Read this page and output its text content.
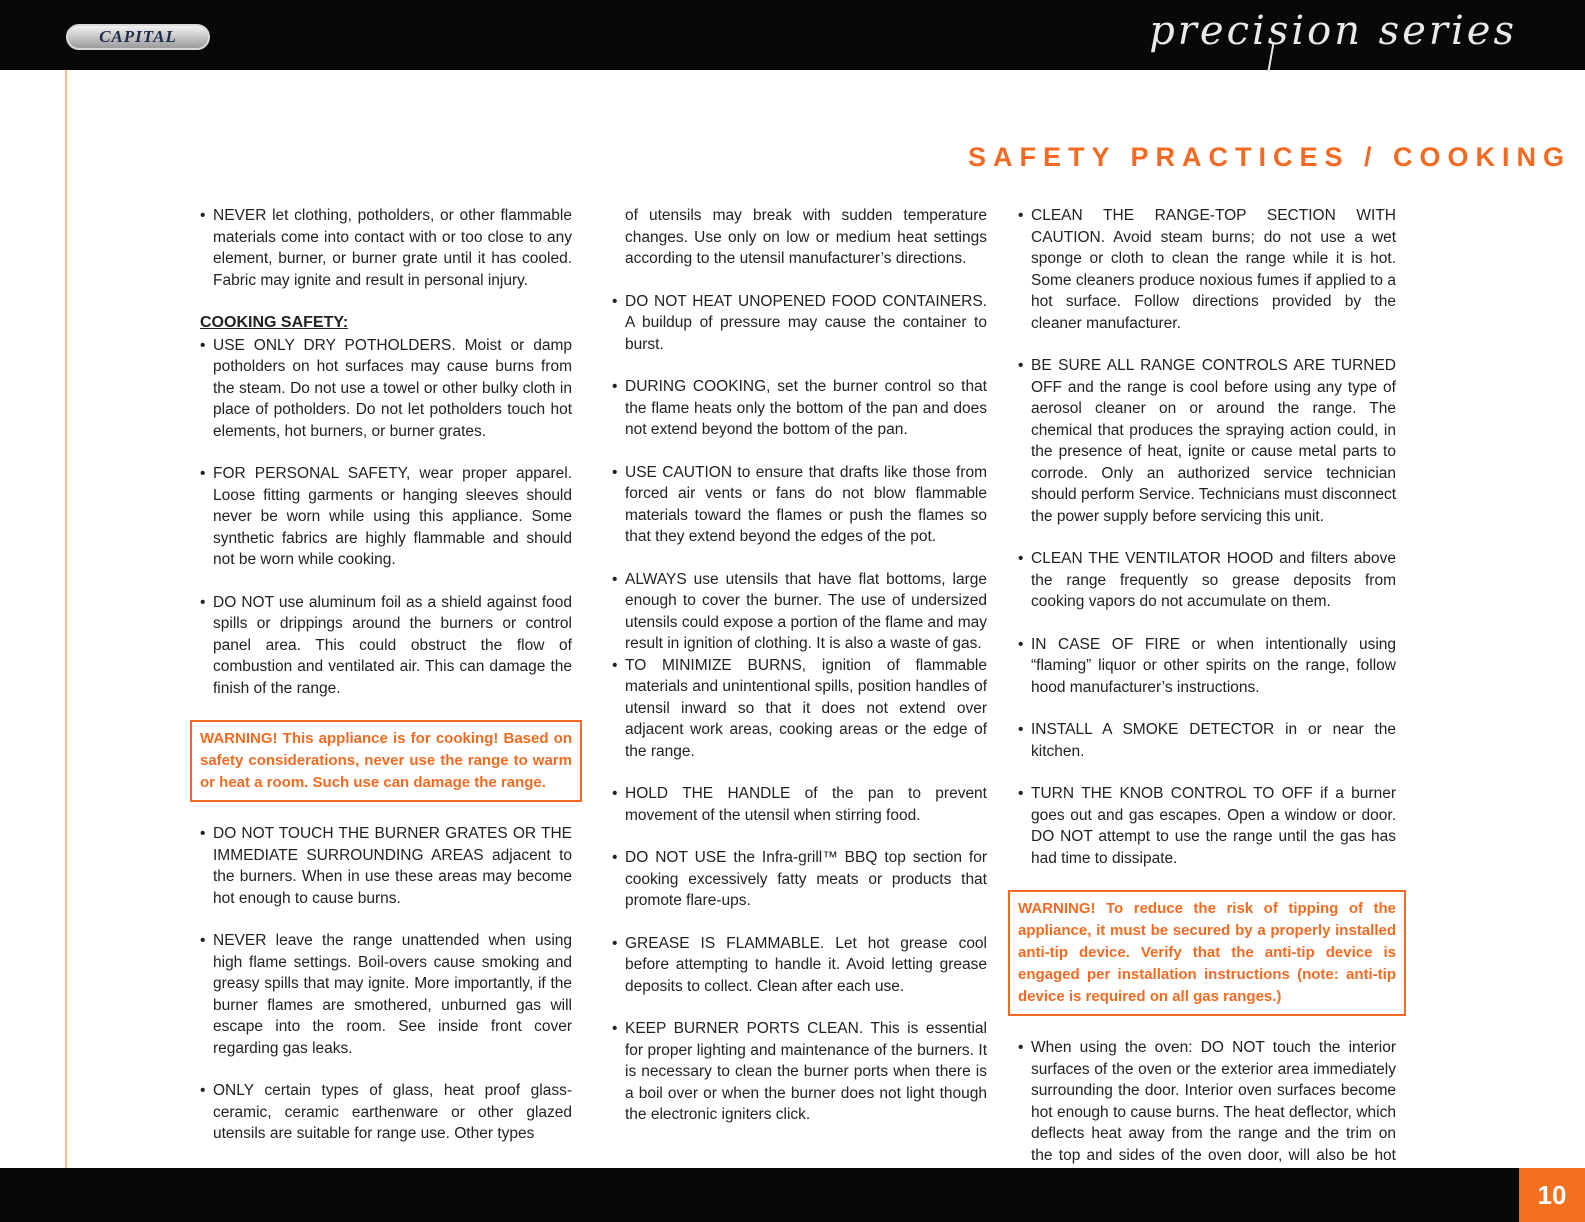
CAPITAL	precision series
SAFETY PRACTICES / COOKING

• NEVER let clothing, potholders, or other flammable materials come into contact with or too close to any element, burner, or burner grate until it has cooled. Fabric may ignite and result in personal injury.

COOKING SAFETY:

• USE ONLY DRY POTHOLDERS. Moist or damp potholders on hot surfaces may cause burns from the steam. Do not use a towel or other bulky cloth in place of potholders. Do not let potholders touch hot elements, hot burners, or burner grates.

• FOR PERSONAL SAFETY, wear proper apparel. Loose fitting garments or hanging sleeves should never be worn while using this appliance. Some synthetic fabrics are highly flammable and should not be worn while cooking.

• DO NOT use aluminum foil as a shield against food spills or drippings around the burners or control panel area. This could obstruct the flow of combustion and ventilated air. This can damage the finish of the range.

WARNING! This appliance is for cooking! Based on safety considerations, never use the range to warm or heat a room. Such use can damage the range.

• DO NOT TOUCH THE BURNER GRATES OR THE IMMEDIATE SURROUNDING AREAS adjacent to the burners. When in use these areas may become hot enough to cause burns.

• NEVER leave the range unattended when using high flame settings. Boil-overs cause smoking and greasy spills that may ignite. More importantly, if the burner flames are smothered, unburned gas will escape into the room. See inside front cover regarding gas leaks.

• ONLY certain types of glass, heat proof glass-ceramic, ceramic earthenware or other glazed utensils are suitable for range use. Other types

of utensils may break with sudden temperature changes. Use only on low or medium heat settings according to the utensil manufacturer’s directions.

• DO NOT HEAT UNOPENED FOOD CONTAINERS. A buildup of pressure may cause the container to burst.

• DURING COOKING, set the burner control so that the flame heats only the bottom of the pan and does not extend beyond the bottom of the pan.

• USE CAUTION to ensure that drafts like those from forced air vents or fans do not blow flammable materials toward the flames or push the flames so that they extend beyond the edges of the pot.

• ALWAYS use utensils that have flat bottoms, large enough to cover the burner. The use of undersized utensils could expose a portion of the flame and may result in ignition of clothing. It is also a waste of gas.

• TO MINIMIZE BURNS, ignition of flammable materials and unintentional spills, position handles of utensil inward so that it does not extend over adjacent work areas, cooking areas or the edge of the range.

• HOLD THE HANDLE of the pan to prevent movement of the utensil when stirring food.

• DO NOT USE the Infra-grill™ BBQ top section for cooking excessively fatty meats or products that promote flare-ups.

• GREASE IS FLAMMABLE. Let hot grease cool before attempting to handle it. Avoid letting grease deposits to collect. Clean after each use.

• KEEP BURNER PORTS CLEAN. This is essential for proper lighting and maintenance of the burners. It is necessary to clean the burner ports when there is a boil over or when the burner does not light though the electronic igniters click.

• CLEAN THE RANGE-TOP SECTION WITH CAUTION. Avoid steam burns; do not use a wet sponge or cloth to clean the range while it is hot. Some cleaners produce noxious fumes if applied to a hot surface. Follow directions provided by the cleaner manufacturer.

• BE SURE ALL RANGE CONTROLS ARE TURNED OFF and the range is cool before using any type of aerosol cleaner on or around the range. The chemical that produces the spraying action could, in the presence of heat, ignite or cause metal parts to corrode. Only an authorized service technician should perform Service. Technicians must disconnect the power supply before servicing this unit.

• CLEAN THE VENTILATOR HOOD and filters above the range frequently so grease deposits from cooking vapors do not accumulate on them.

• IN CASE OF FIRE or when intentionally using “flaming” liquor or other spirits on the range, follow hood manufacturer’s instructions.

• INSTALL A SMOKE DETECTOR in or near the kitchen.

• TURN THE KNOB CONTROL TO OFF if a burner goes out and gas escapes. Open a window or door. DO NOT attempt to use the range until the gas has had time to dissipate.

WARNING! To reduce the risk of tipping of the appliance, it must be secured by a properly installed anti-tip device. Verify that the anti-tip device is engaged per installation instructions (note: anti-tip device is required on all gas ranges.)

• When using the oven: DO NOT touch the interior surfaces of the oven or the exterior area immediately surrounding the door. Interior oven surfaces become hot enough to cause burns. The heat deflector, which deflects heat away from the range and the trim on the top and sides of the oven door, will also be hot

10
